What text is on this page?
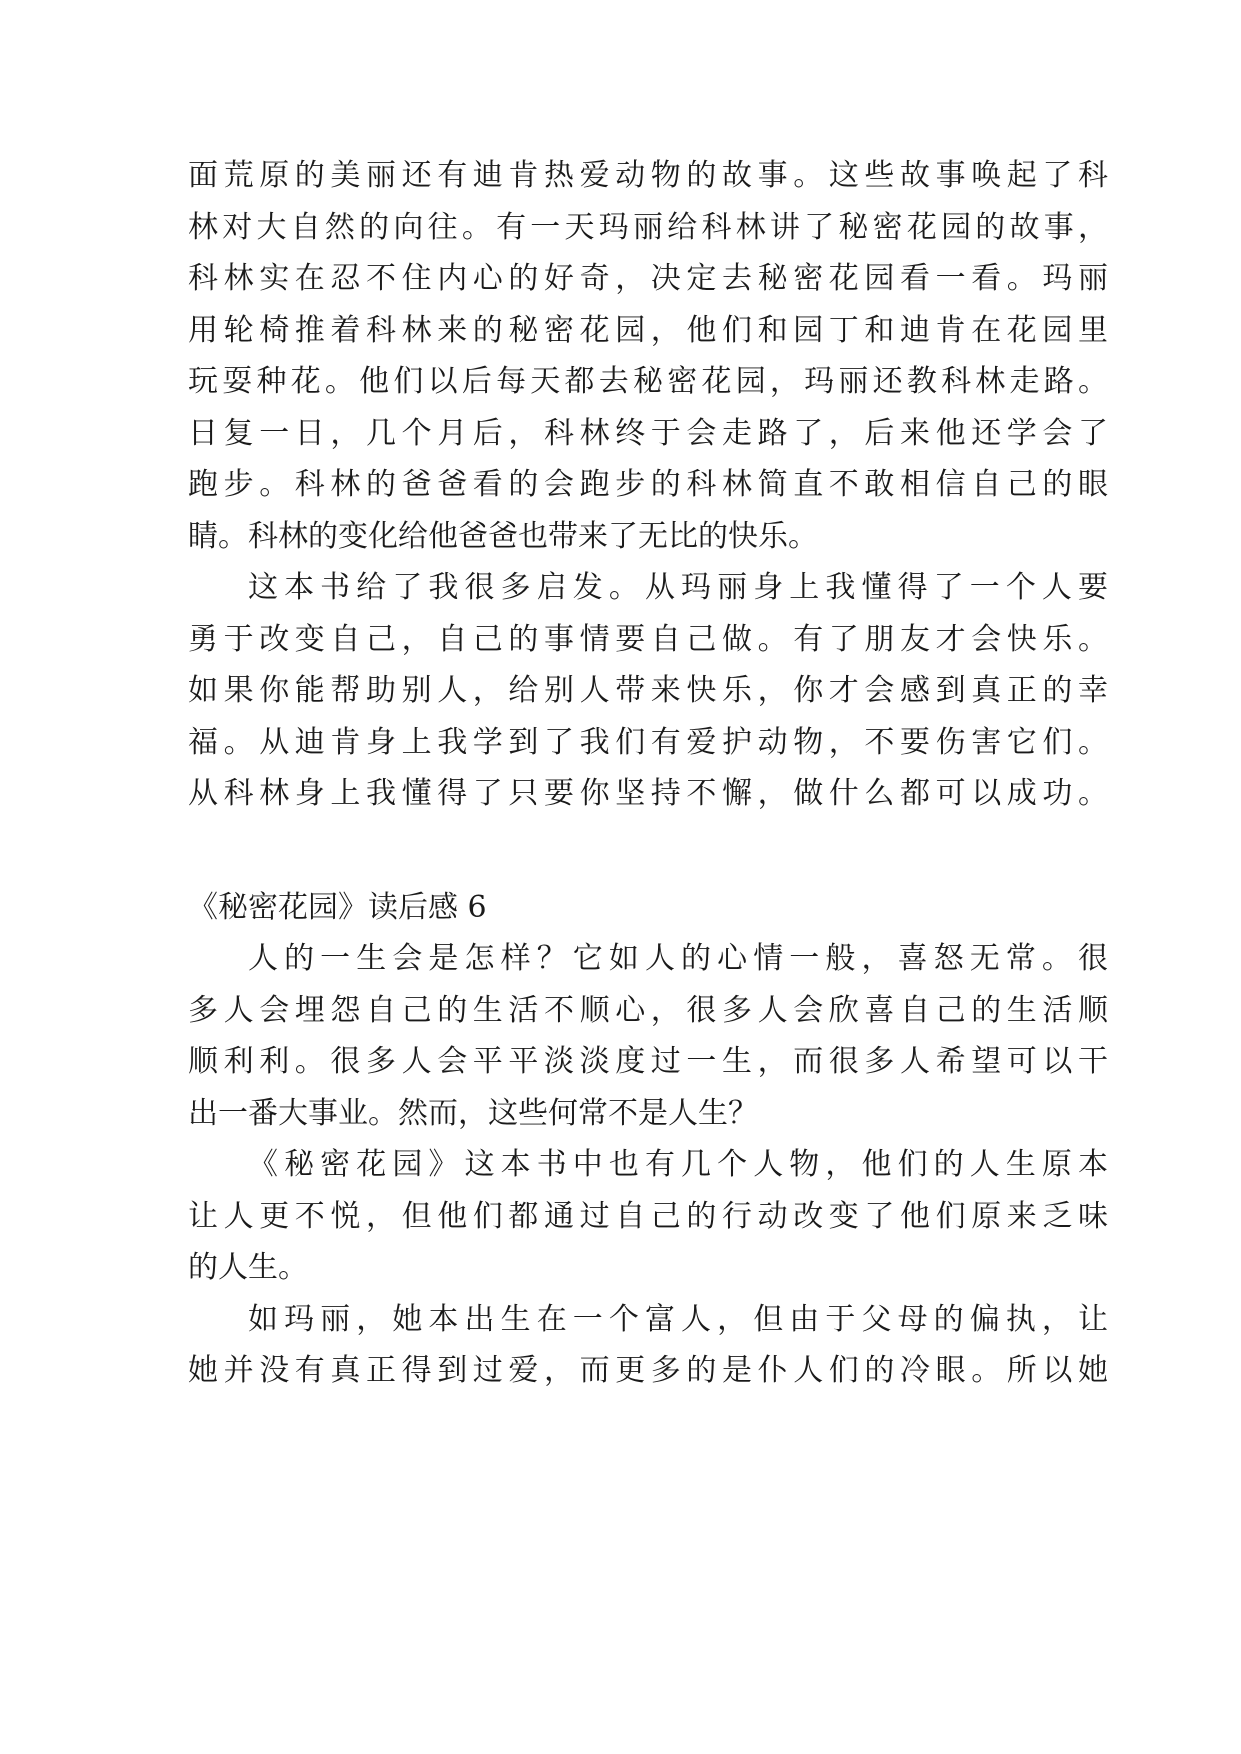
面荒原的美丽还有迪肯热爱动物的故事。这些故事唤起了科
林对大自然的向往。有一天玛丽给科林讲了秘密花园的故事，
科林实在忍不住内心的好奇，决定去秘密花园看一看。玛丽
用轮椅推着科林来的秘密花园，他们和园丁和迪肯在花园里
玩耍种花。他们以后每天都去秘密花园，玛丽还教科林走路。
日复一日，几个月后，科林终于会走路了，后来他还学会了
跑步。科林的爸爸看的会跑步的科林简直不敢相信自己的眼
睛。科林的变化给他爸爸也带来了无比的快乐。
这本书给了我很多启发。从玛丽身上我懂得了一个人要
勇于改变自己，自己的事情要自己做。有了朋友才会快乐。
如果你能帮助别人，给别人带来快乐，你才会感到真正的幸
福。从迪肯身上我学到了我们有爱护动物，不要伤害它们。
从科林身上我懂得了只要你坚持不懈，做什么都可以成功。
《秘密花园》读后感 6
人的一生会是怎样？它如人的心情一般，喜怒无常。很
多人会埋怨自己的生活不顺心，很多人会欣喜自己的生活顺
顺利利。很多人会平平淡淡度过一生，而很多人希望可以干
出一番大事业。然而，这些何常不是人生？
《秘密花园》这本书中也有几个人物，他们的人生原本
让人更不悦，但他们都通过自己的行动改变了他们原来乏味
的人生。
如玛丽，她本出生在一个富人，但由于父母的偏执，让
她并没有真正得到过爱，而更多的是仆人们的冷眼。所以她
